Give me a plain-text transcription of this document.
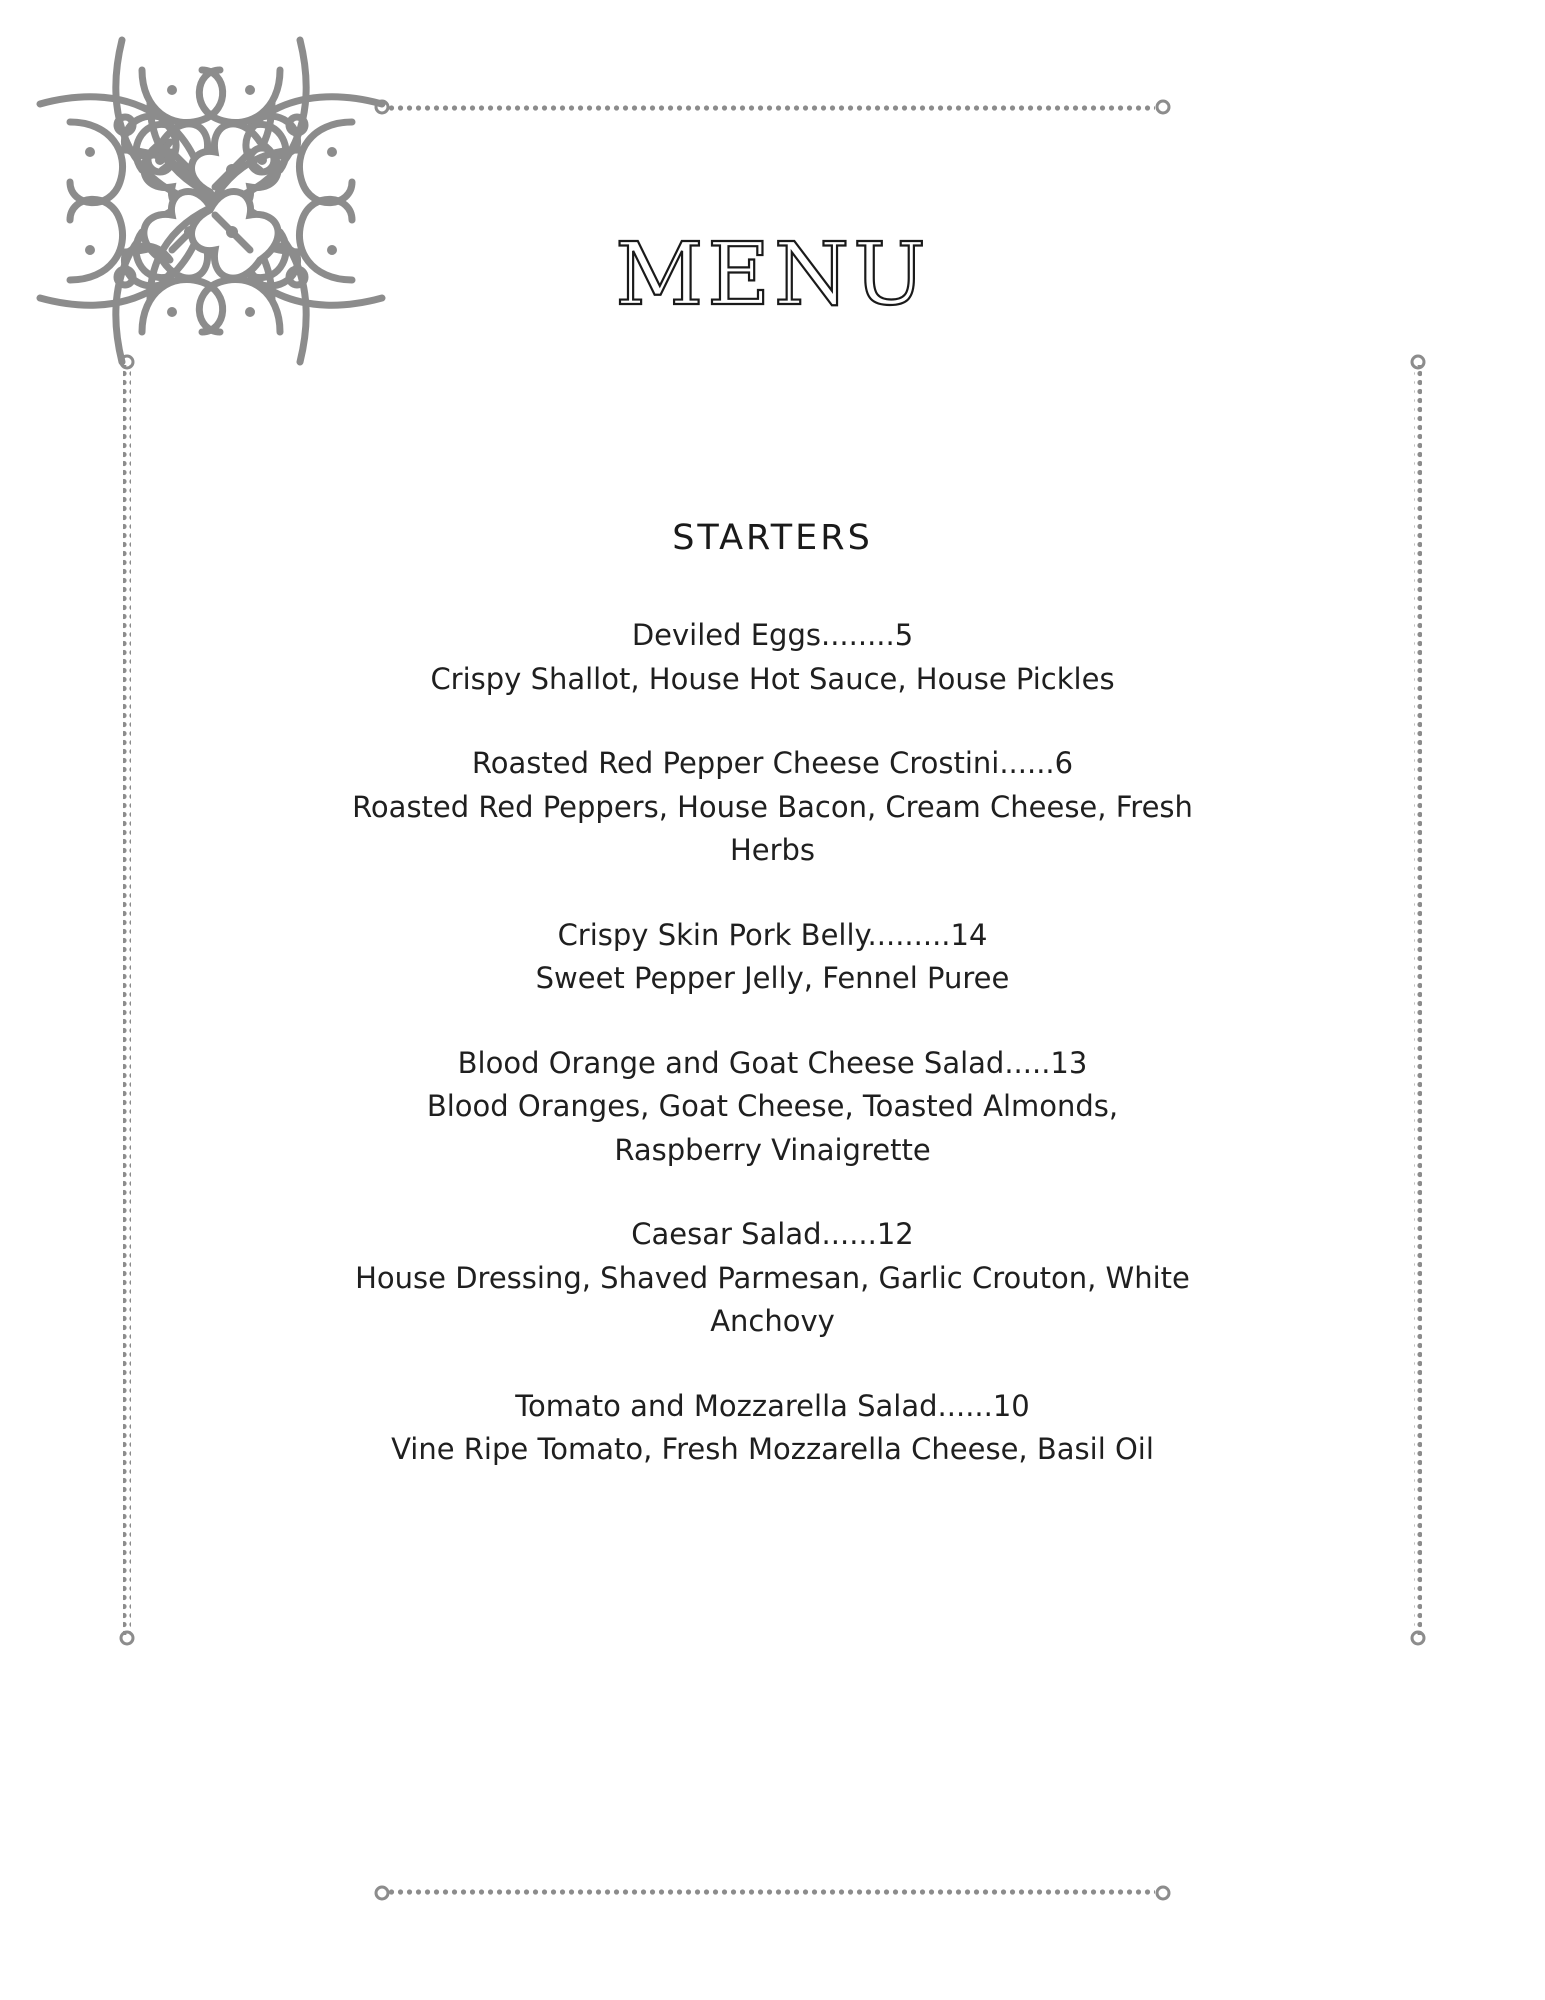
MENU
STARTERS

Deviled Eggs........5

Crispy Shallot, House Hot Sauce, House Pickles

Roasted Red Pepper Cheese Crostini......6

Roasted Red Peppers, House Bacon, Cream Cheese, Fresh Herbs

Crispy Skin Pork Belly.........14

Sweet Pepper Jelly, Fennel Puree

Blood Orange and Goat Cheese Salad.....13

Blood Oranges, Goat Cheese, Toasted Almonds, Raspberry Vinaigrette

Caesar Salad......12

House Dressing, Shaved Parmesan, Garlic Crouton, White Anchovy

Tomato and Mozzarella Salad......10

Vine Ripe Tomato, Fresh Mozzarella Cheese, Basil Oil
